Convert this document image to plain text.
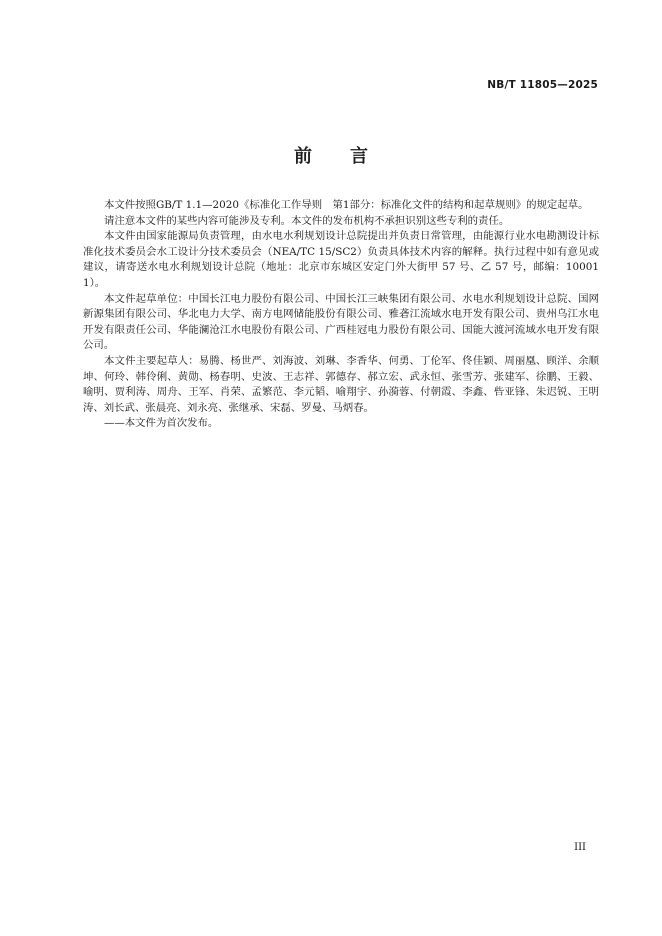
NB/T 11805—2025
前言

本文件按照GB/T 1.1—2020《标准化工作导则　第1部分：标准化文件的结构和起草规则》的规定起草。

请注意本文件的某些内容可能涉及专利。本文件的发布机构不承担识别这些专利的责任。

本文件由国家能源局负责管理，由水电水利规划设计总院提出并负责日常管理，由能源行业水电勘测设计标准化技术委员会水工设计分技术委员会（NEA/TC 15/SC2）负责具体技术内容的解释。执行过程中如有意见或建议，请寄送水电水利规划设计总院（地址：北京市东城区安定门外大街甲 57 号、乙 57 号，邮编：100011）。

本文件起草单位：中国长江电力股份有限公司、中国长江三峡集团有限公司、水电水利规划设计总院、国网新源集团有限公司、华北电力大学、南方电网储能股份有限公司、雅砻江流域水电开发有限公司、贵州乌江水电开发有限责任公司、华能澜沧江水电股份有限公司、广西桂冠电力股份有限公司、国能大渡河流域水电开发有限公司。

本文件主要起草人：易腾、杨世严、刘海波、刘琳、李香华、何勇、丁伦军、佟佳颖、周丽凰、顾洋、余顺坤、何玲、韩伶俐、黄勋、杨春明、史波、王志祥、郭德存、郝立宏、武永恒、张雪芳、张建军、徐鹏、王毅、喻明、贾利涛、周舟、王军、肖荣、孟繁范、李元韬、喻翔宇、孙漪蓉、付朝霞、李鑫、呰亚锋、朱迟锐、王明涛、刘长武、张晨亮、刘永亮、张继承、宋磊、罗曼、马炳春。

——本文件为首次发布。

III
